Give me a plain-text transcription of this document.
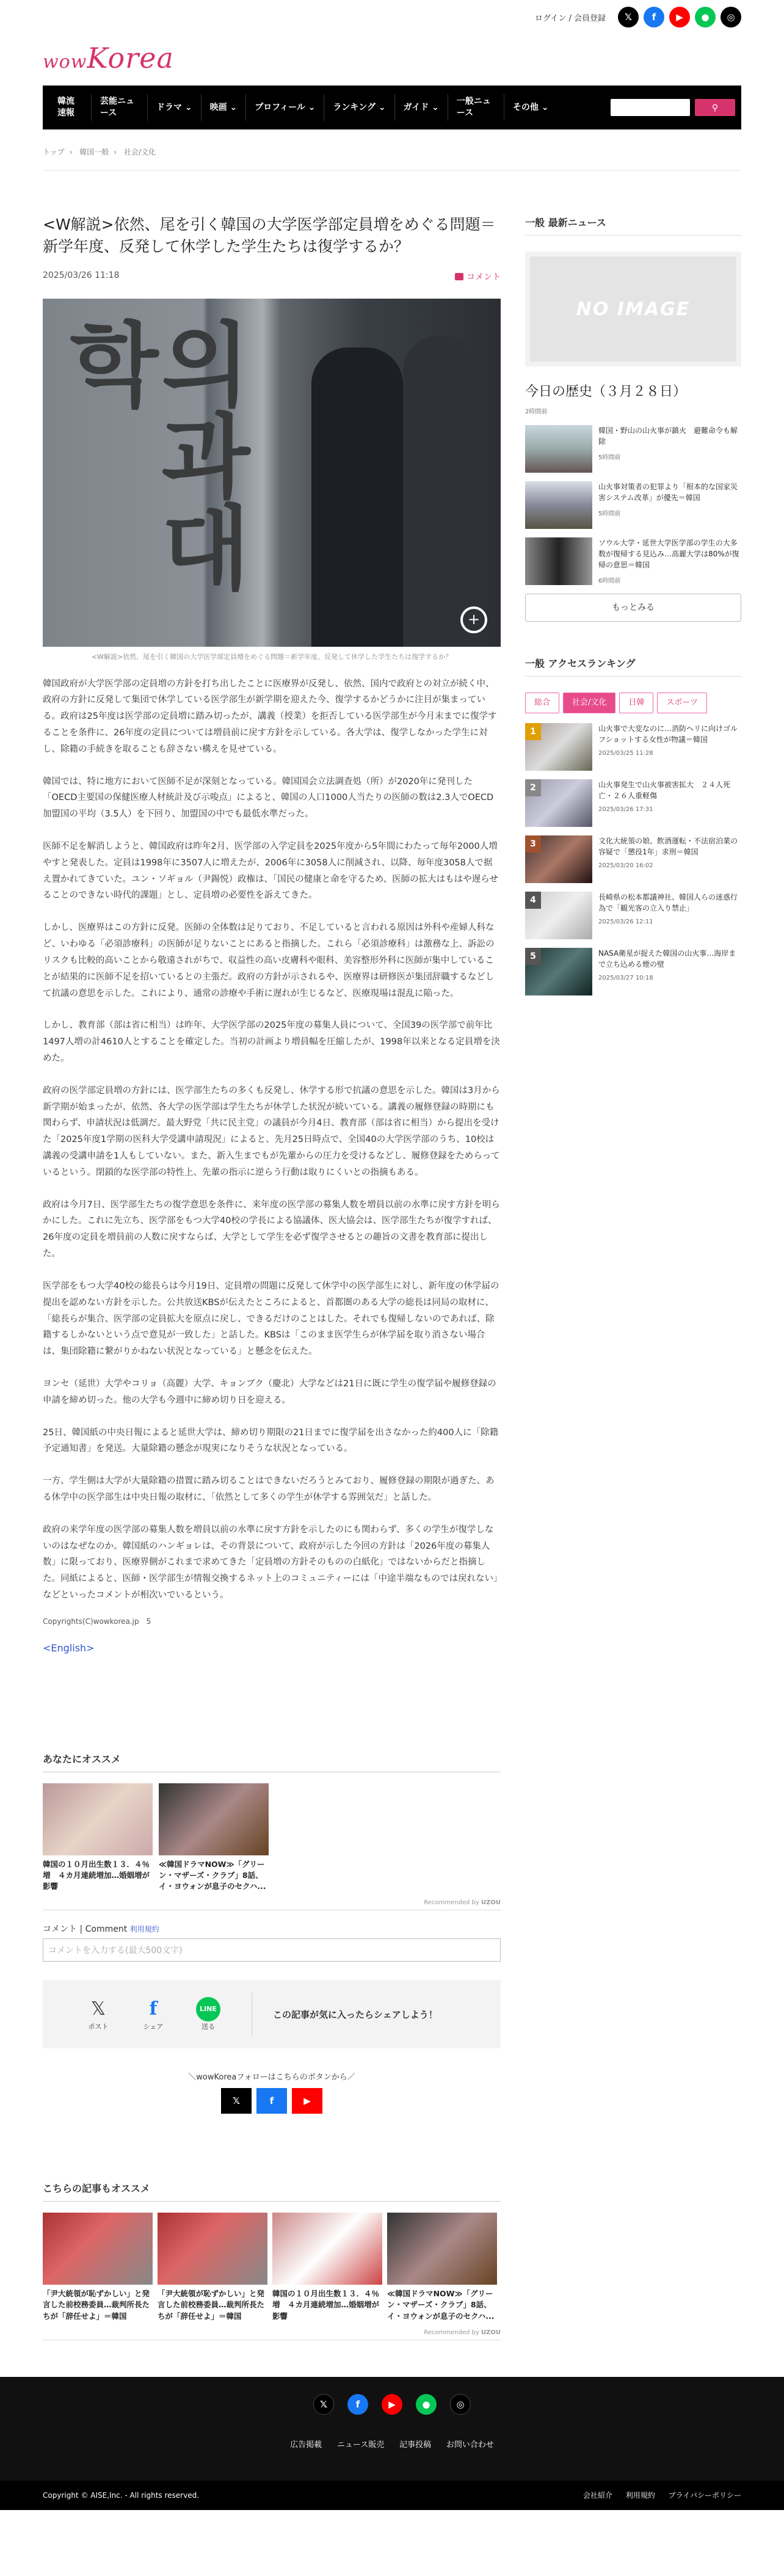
ログイン / 会員登録	𝕏	f	▶	●	◎
wowKorea
韓流速報
芸能ニュース
ドラマ
⌄ 映画
⌄ プロフィール
⌄ ランキング
⌄ ガイド
⌄
一般ニュース
その他
⌄	⚲
トップ › 韓国一般 › 社会/文化
<W解説>依然、尾を引く韓国の大学医学部定員増をめぐる問題＝新学年度、反発して休学した学生たちは復学するか？
2025/03/26 11:18	コメント
의과대학
+
<W解説>依然、尾を引く韓国の大学医学部定員増をめぐる問題＝新学年度、反発して休学した学生たちは復学するか？

韓国政府が大学医学部の定員増の方針を打ち出したことに医療界が反発し、依然、国内で政府との対立が続く中、政府の方針に反発して集団で休学している医学部生が新学期を迎えた今、復学するかどうかに注目が集まっている。政府は25年度は医学部の定員増に踏み切ったが、講義（授業）を拒否している医学部生が今月末までに復学することを条件に、26年度の定員については増員前に戻す方針を示している。各大学は、復学しなかった学生に対し、除籍の手続きを取ることも辞さない構えを見せている。

韓国では、特に地方において医師不足が深刻となっている。韓国国会立法調査処（所）が2020年に発刊した「OECD主要国の保健医療人材統計及び示唆点」によると、韓国の人口1000人当たりの医師の数は2.3人でOECD加盟国の平均（3.5人）を下回り、加盟国の中でも最低水準だった。

医師不足を解消しようと、韓国政府は昨年2月、医学部の入学定員を2025年度から5年間にわたって毎年2000人増やすと発表した。定員は1998年に3507人に増えたが、2006年に3058人に削減され、以降、毎年度3058人で据え置かれてきていた。ユン・ソギョル（尹錫悦）政権は、「国民の健康と命を守るため、医師の拡大はもはや遅らせることのできない時代的課題」とし、定員増の必要性を訴えてきた。

しかし、医療界はこの方針に反発。医師の全体数は足りており、不足していると言われる原因は外科や産婦人科など、いわゆる「必須診療科」の医師が足りないことにあると指摘した。これら「必須診療科」は激務な上、訴訟のリスクも比較的高いことから敬遠されがちで、収益性の高い皮膚科や眼科、美容整形外科に医師が集中していることが結果的に医師不足を招いているとの主張だ。政府の方針が示されるや、医療界は研修医が集団辞職するなどして抗議の意思を示した。これにより、通常の診療や手術に遅れが生じるなど、医療現場は混乱に陥った。

しかし、教育部（部は省に相当）は昨年、大学医学部の2025年度の募集人員について、全国39の医学部で前年比1497人増の計4610人とすることを確定した。当初の計画より増員幅を圧縮したが、1998年以来となる定員増を決めた。

政府の医学部定員増の方針には、医学部生たちの多くも反発し、休学する形で抗議の意思を示した。韓国は3月から新学期が始まったが、依然、各大学の医学部は学生たちが休学した状況が続いている。講義の履修登録の時期にも関わらず、申請状況は低調だ。最大野党「共に民主党」の議員が今月4日、教育部（部は省に相当）から提出を受けた「2025年度1学期の医科大学受講申請現況」によると、先月25日時点で、全国40の大学医学部のうち、10校は講義の受講申請を1人もしていない。また、新入生までもが先輩からの圧力を受けるなどし、履修登録をためらっているという。閉鎖的な医学部の特性上、先輩の指示に逆らう行動は取りにくいとの指摘もある。

政府は今月7日、医学部生たちの復学意思を条件に、来年度の医学部の募集人数を増員以前の水準に戻す方針を明らかにした。これに先立ち、医学部をもつ大学40校の学長による協議体、医大協会は、医学部生たちが復学すれば、26年度の定員を増員前の人数に戻すならば、大学として学生を必ず復学させるとの趣旨の文書を教育部に提出した。

医学部をもつ大学40校の総長らは今月19日、定員増の問題に反発して休学中の医学部生に対し、新年度の休学届の提出を認めない方針を示した。公共放送KBSが伝えたところによると、首都圏のある大学の総長は同局の取材に、「総長らが集合、医学部の定員拡大を原点に戻し、できるだけのことはした。それでも復帰しないのであれば、除籍するしかないという点で意見が一致した」と話した。KBSは「このまま医学生らが休学届を取り消さない場合は、集団除籍に繋がりかねない状況となっている」と懸念を伝えた。

ヨンセ（延世）大学やコリョ（高麗）大学、キョンブク（慶北）大学などは21日に既に学生の復学届や履修登録の申請を締め切った。他の大学も今週中に締め切り日を迎える。

25日、韓国紙の中央日報によると延世大学は、締め切り期限の21日までに復学届を出さなかった約400人に「除籍予定通知書」を発送。大量除籍の懸念が現実になりそうな状況となっている。

一方、学生側は大学が大量除籍の措置に踏み切ることはできないだろうとみており、履修登録の期限が過ぎた、ある休学中の医学部生は中央日報の取材に、「依然として多くの学生が休学する雰囲気だ」と話した。

政府の来学年度の医学部の募集人数を増員以前の水準に戻す方針を示したのにも関わらず、多くの学生が復学しないのはなぜなのか。韓国紙のハンギョレは、その背景について、政府が示した今回の方針は「2026年度の募集人数」に限っており、医療界側がこれまで求めてきた「定員増の方針そのものの白紙化」ではないからだと指摘した。同紙によると、医師・医学部生が情報交換するネット上のコミュニティーには「中途半端なものでは戻れない」などといったコメントが相次いでいるという。

Copyrights(C)wowkorea.jp　5
<English>
あなたにオススメ
韓国の１０月出生数１３．４％増　４カ月連続増加…婚姻増が影響
≪韓国ドラマNOW≫「グリーン・マザーズ・クラブ」8話、イ・ヨウォンが息子のセクハ...
Recommended by UZOU
コメント | Comment 利用規約
コメントを入力する(最大500文字)
𝕏
ポスト
f
シェア
LINE
送る
この記事が気に入ったらシェアしよう！
＼wowKoreaフォローはこちらのボタンから／
𝕏	f	▶
こちらの記事もオススメ
「尹大統領が恥ずかしい」と発言した前校務委員…裁判所長たちが「辞任せよ」＝韓国
「尹大統領が恥ずかしい」と発言した前校務委員…裁判所長たちが「辞任せよ」＝韓国
韓国の１０月出生数１３．４％増　４カ月連続増加…婚姻増が影響
≪韓国ドラマNOW≫「グリーン・マザーズ・クラブ」8話、イ・ヨウォンが息子のセクハ...
Recommended by UZOU
一般 最新ニュース
NO IMAGE
今日の歴史（３月２８日）
2時間前
韓国・野山の山火事が鎮火　避難命令も解除
5時間前
山火事対策者の犯罪より「根本的な国家災害システム改革」が優先＝韓国
5時間前
ソウル大学・延世大学医学部の学生の大多数が復帰する見込み…高麗大学は80%が復帰の意思＝韓国
6時間前
もっとみる
一般 アクセスランキング
総合	社会/文化	日韓	スポーツ
1	山火事で大変なのに…消防ヘリに向けゴルフショットする女性が物議＝韓国
2025/03/25 11:28
2	山火事発生で山火事被害拡大　２４人死亡・２６人重軽傷
2025/03/26 17:31
3	文化大統領の娘、飲酒運転・不法宿泊業の容疑で「懲役1年」求刑＝韓国
2025/03/20 16:02
4	長崎県の松本都議神社、韓国人らの迷惑行為で「観光客の立入り禁止」
2025/03/26 12:11
5	NASA衛星が捉えた韓国の山火事…海岸まで立ち込める煙の壁
2025/03/27 10:18
𝕏	f	▶	●	◎
広告掲載 ニュース販売 記事投稿 お問い合わせ
Copyright © AISE,Inc. - All rights reserved.	会社紹介 利用規約 プライバシーポリシー
